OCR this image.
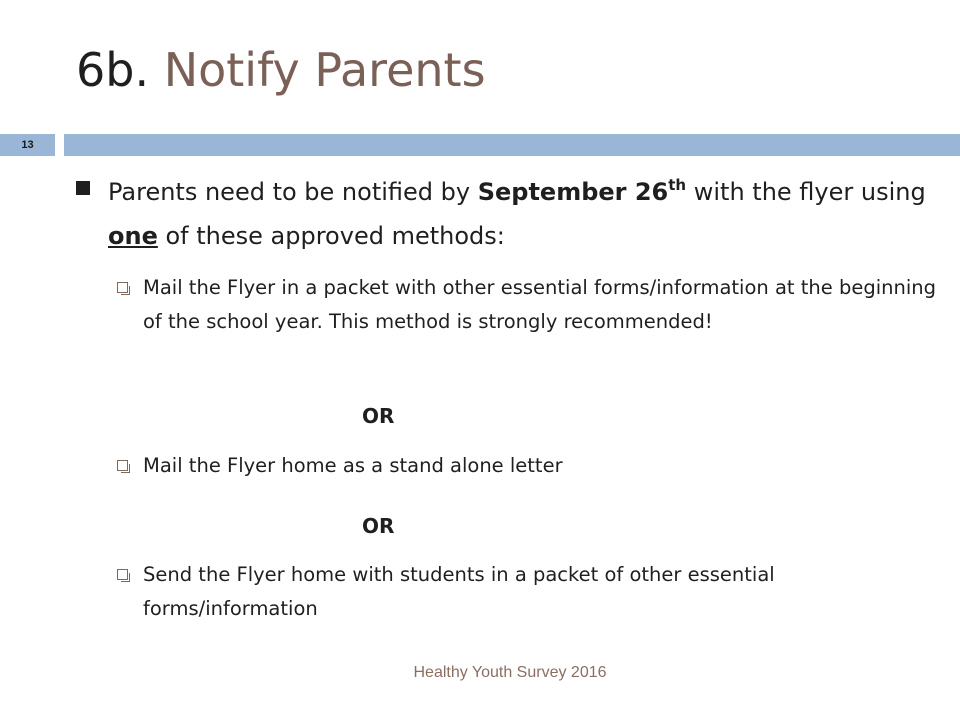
6b. Notify Parents
13
Parents need to be notified by September 26th with the flyer using one of these approved methods:
Mail the Flyer in a packet with other essential forms/information at the beginning of the school year. This method is strongly recommended!
OR
Mail the Flyer home as a stand alone letter
OR
Send the Flyer home with students in a packet of other essential forms/information
Healthy Youth Survey 2016
